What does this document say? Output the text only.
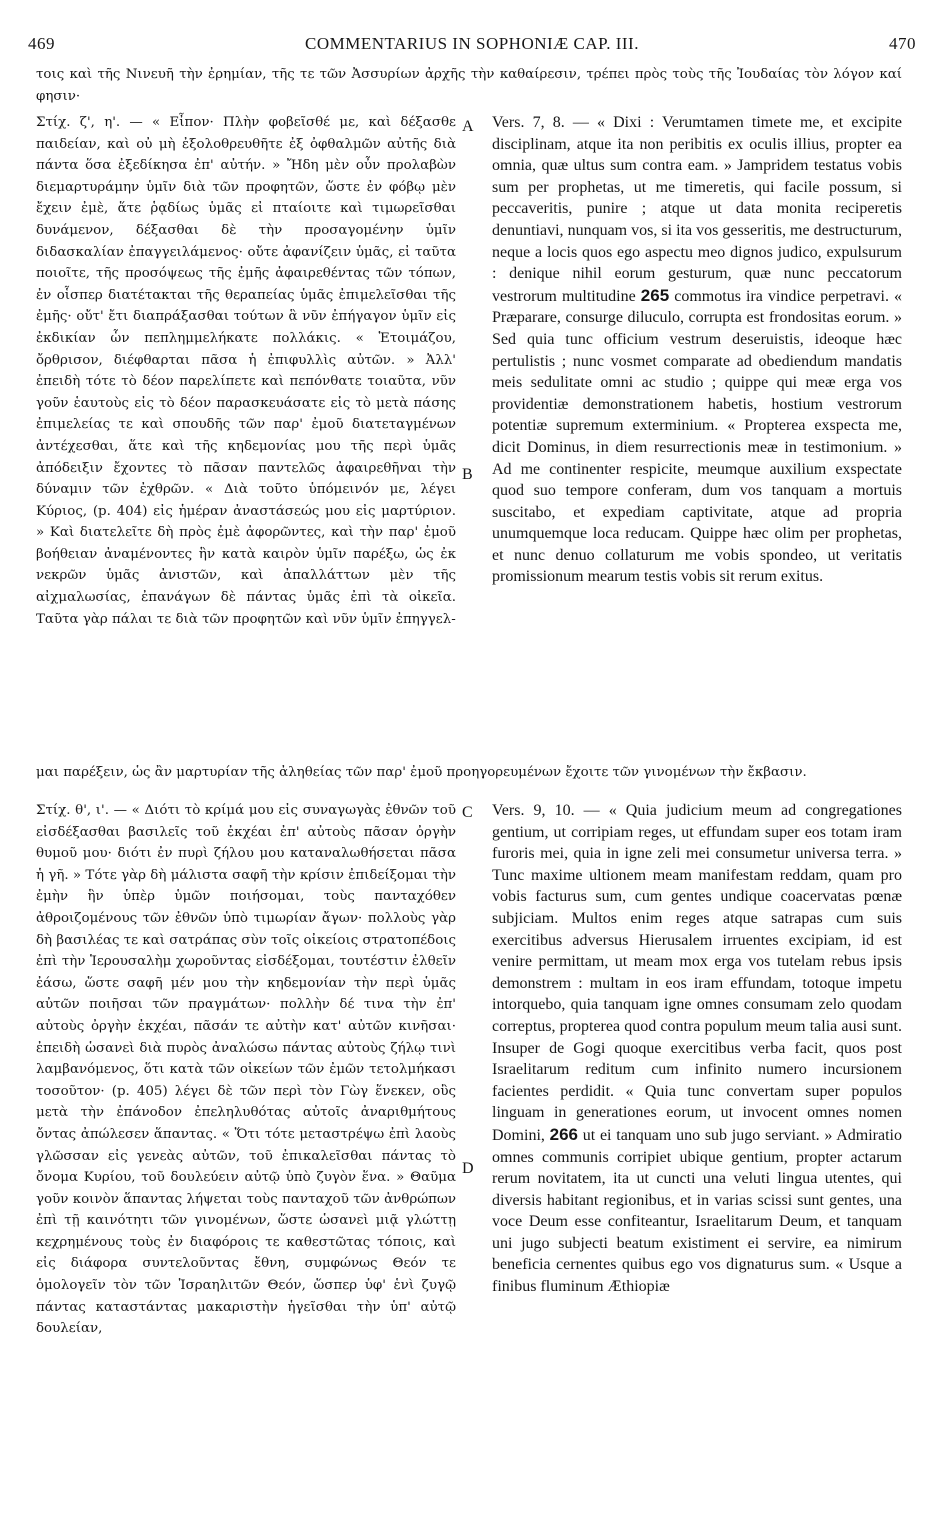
469	COMMENTARIUS IN SOPHONIÆ CAP. III.	470
τοις καὶ τῆς Νινευῆ τὴν ἐρημίαν, τῆς τε τῶν Ἀσσυρίων ἀρχῆς τὴν καθαίρεσιν, τρέπει πρὸς τοὺς τῆς Ἰουδαίας τὸν λόγον καί φησιν·
Στίχ. ζ', η'. — « Εἶπον· Πλὴν φοβεῖσθέ με, καὶ δέξασθε παιδείαν, καὶ οὐ μὴ ἐξολοθρευθῆτε ἐξ ὀφθαλμῶν αὐτῆς διὰ πάντα ὅσα ἐξεδίκησα ἐπ' αὐτήν. » Ἤδη μὲν οὖν προλαβὼν διεμαρτυράμην ὑμῖν διὰ τῶν προφητῶν, ὥστε ἐν φόβῳ μὲν ἔχειν ἐμὲ, ἅτε ῥᾳδίως ὑμᾶς εἰ πταίοιτε καὶ τιμωρεῖσθαι δυνάμενον, δέξασθαι δὲ τὴν προσαγομένην ὑμῖν διδασκαλίαν ἐπαγγειλάμενος· οὔτε ἀφανίζειν ὑμᾶς, εἰ ταῦτα ποιοῖτε, τῆς προσόψεως τῆς ἐμῆς ἀφαιρεθέντας τῶν τόπων, ἐν οἷσπερ διατέτακται τῆς θεραπείας ὑμᾶς ἐπιμελεῖσθαι τῆς ἐμῆς· οὔτ' ἔτι διαπράξασθαι τούτων ἃ νῦν ἐπήγαγον ὑμῖν εἰς ἐκδικίαν ὧν πεπλημμελήκατε πολλάκις. « Ἑτοιμάζου, ὄρθρισον, διέφθαρται πᾶσα ἡ ἐπιφυλλὶς αὐτῶν. » Ἀλλ' ἐπειδὴ τότε τὸ δέον παρελίπετε καὶ πεπόνθατε τοιαῦτα, νῦν γοῦν ἑαυτοὺς εἰς τὸ δέον παρασκευάσατε εἰς τὸ μετὰ πάσης ἐπιμελείας τε καὶ σπουδῆς τῶν παρ' ἐμοῦ διατεταγμένων ἀντέχεσθαι, ἅτε καὶ τῆς κηδεμονίας μου τῆς περὶ ὑμᾶς ἀπόδειξιν ἔχοντες τὸ πᾶσαν παντελῶς ἀφαιρεθῆναι τὴν δύναμιν τῶν ἐχθρῶν. « Διὰ τοῦτο ὑπόμεινόν με, λέγει Κύριος, (p. 404) εἰς ἡμέραν ἀναστάσεώς μου εἰς μαρτύριον. » Καὶ διατελεῖτε δὴ πρὸς ἐμὲ ἀφορῶντες, καὶ τὴν παρ' ἐμοῦ βοήθειαν ἀναμένοντες ἣν κατὰ καιρὸν ὑμῖν παρέξω, ὡς ἐκ νεκρῶν ὑμᾶς ἀνιστῶν, καὶ ἀπαλλάττων μὲν τῆς αἰχμαλωσίας, ἐπανάγων δὲ πάντας ὑμᾶς ἐπὶ τὰ οἰκεῖα. Ταῦτα γὰρ πάλαι τε διὰ τῶν προφητῶν καὶ νῦν ὑμῖν ἐπηγγελ-
Vers. 7, 8. — « Dixi : Verumtamen timete me, et excipite disciplinam, atque ita non peribitis ex oculis illius, propter ea omnia, quæ ultus sum contra eam. » Jampridem testatus vobis sum per prophetas, ut me timeretis, qui facile possum, si peccaveritis, punire ; atque ut data monita reciperetis denuntiavi, nunquam vos, si ita vos gesseritis, me destructurum, neque a locis quos ego aspectu meo dignos judico, expulsurum : denique nihil eorum gesturum, quæ nunc peccatorum vestrorum multitudine 265 commotus ira vindice perpetravi. « Præparare, consurge diluculo, corrupta est frondositas eorum. » Sed quia tunc officium vestrum deseruistis, ideoque hæc pertulistis ; nunc vosmet comparate ad obediendum mandatis meis sedulitate omni ac studio ; quippe qui meæ erga vos providentiæ demonstrationem habetis, hostium vestrorum potentiæ supremum exterminium. « Propterea exspecta me, dicit Dominus, in diem resurrectionis meæ in testimonium. » Ad me continenter respicite, meumque auxilium exspectate quod suo tempore conferam, dum vos tanquam a mortuis suscitabo, et expediam captivitate, atque ad propria unumquemque loca reducam. Quippe hæc olim per prophetas, et nunc denuo collaturum me vobis spondeo, ut veritatis promissionum mearum testis vobis sit rerum exitus.
μαι παρέξειν, ὡς ἂν μαρτυρίαν τῆς ἀληθείας τῶν παρ' ἐμοῦ προηγορευμένων ἔχοιτε τῶν γινομένων τὴν ἔκβασιν.
Στίχ. θ', ι'. — « Διότι τὸ κρίμά μου εἰς συναγωγὰς ἐθνῶν τοῦ εἰσδέξασθαι βασιλεῖς τοῦ ἐκχέαι ἐπ' αὐτοὺς πᾶσαν ὀργὴν θυμοῦ μου· διότι ἐν πυρὶ ζήλου μου καταναλωθήσεται πᾶσα ἡ γῆ. » Τότε γὰρ δὴ μάλιστα σαφῆ τὴν κρίσιν ἐπιδείξομαι τὴν ἐμὴν ἣν ὑπὲρ ὑμῶν ποιήσομαι, τοὺς πανταχόθεν ἀθροιζομένους τῶν ἐθνῶν ὑπὸ τιμωρίαν ἄγων· πολλοὺς γὰρ δὴ βασιλέας τε καὶ σατράπας σὺν τοῖς οἰκείοις στρατοπέδοις ἐπὶ τὴν Ἱερουσαλὴμ χωροῦντας εἰσδέξομαι, τουτέστιν ἐλθεῖν ἐάσω, ὥστε σαφῆ μέν μου τὴν κηδεμονίαν τὴν περὶ ὑμᾶς αὐτῶν ποιῆσαι τῶν πραγμάτων· πολλὴν δέ τινα τὴν ἐπ' αὐτοὺς ὀργὴν ἐκχέαι, πᾶσάν τε αὐτὴν κατ' αὐτῶν κινῆσαι· ἐπειδὴ ὡσανεὶ διὰ πυρὸς ἀναλώσω πάντας αὐτοὺς ζήλῳ τινὶ λαμβανόμενος, ὅτι κατὰ τῶν οἰκείων τῶν ἐμῶν τετολμήκασι τοσοῦτον· (p. 405) λέγει δὲ τῶν περὶ τὸν Γὼγ ἕνεκεν, οὓς μετὰ τὴν ἐπάνοδον ἐπεληλυθότας αὐτοῖς ἀναριθμήτους ὄντας ἀπώλεσεν ἅπαντας. « Ὅτι τότε μεταστρέψω ἐπὶ λαοὺς γλῶσσαν εἰς γενεὰς αὐτῶν, τοῦ ἐπικαλεῖσθαι πάντας τὸ ὄνομα Κυρίου, τοῦ δουλεύειν αὐτῷ ὑπὸ ζυγὸν ἕνα. » Θαῦμα γοῦν κοινὸν ἅπαντας λήψεται τοὺς πανταχοῦ τῶν ἀνθρώπων ἐπὶ τῇ καινότητι τῶν γινομένων, ὥστε ὡσανεὶ μιᾷ γλώττῃ κεχρημένους τοὺς ἐν διαφόροις τε καθεστῶτας τόποις, καὶ εἰς διάφορα συντελοῦντας ἔθνη, συμφώνως Θεόν τε ὁμολογεῖν τὸν τῶν Ἰσραηλιτῶν Θεόν, ὥσπερ ὑφ' ἑνὶ ζυγῷ πάντας καταστάντας μακαριστὴν ἡγεῖσθαι τὴν ὑπ' αὐτῷ δουλείαν,
Vers. 9, 10. — « Quia judicium meum ad congregationes gentium, ut corripiam reges, ut effundam super eos totam iram furoris mei, quia in igne zeli mei consumetur universa terra. » Tunc maxime ultionem meam manifestam reddam, quam pro vobis facturus sum, cum gentes undique coacervatas pœnæ subjiciam. Multos enim reges atque satrapas cum suis exercitibus adversus Hierusalem irruentes excipiam, id est venire permittam, ut meam mox erga vos tutelam rebus ipsis demonstrem : multam in eos iram effundam, totoque impetu intorquebo, quia tanquam igne omnes consumam zelo quodam correptus, propterea quod contra populum meum talia ausi sunt. Insuper de Gogi quoque exercitibus verba facit, quos post Israelitarum reditum cum infinito numero incursionem facientes perdidit. « Quia tunc convertam super populos linguam in generationes eorum, ut invocent omnes nomen Domini, 266 ut ei tanquam uno sub jugo serviant. » Admiratio omnes communis corripiet ubique gentium, propter actarum rerum novitatem, ita ut cuncti una veluti lingua utentes, qui diversis habitant regionibus, et in varias scissi sunt gentes, una voce Deum esse confiteantur, Israelitarum Deum, et tanquam uni jugo subjecti beatum existiment ei servire, ea nimirum beneficia cernentes quibus ego vos dignaturus sum. « Usque a finibus fluminum Æthiopiæ
A
B
C
D
